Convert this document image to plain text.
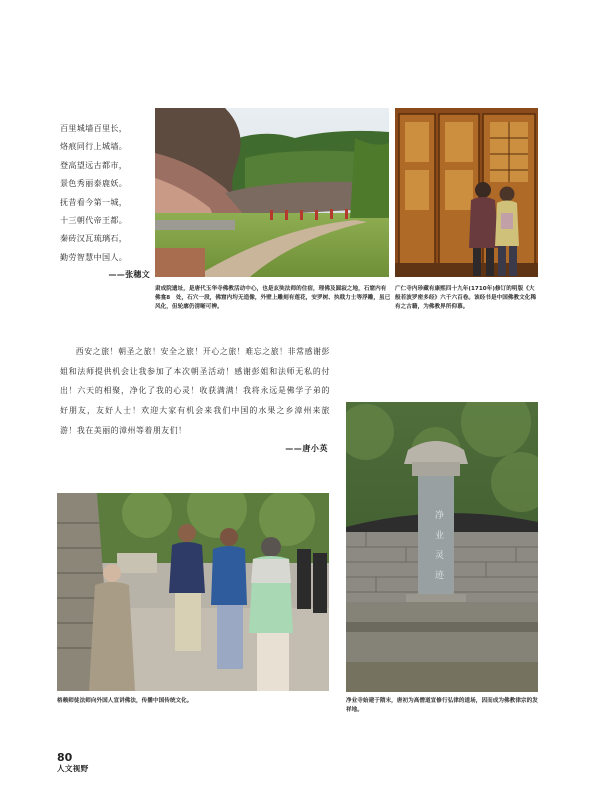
百里城墙百里长，
烙痕同行上城墙。
登高望远古都市，
景色秀丽泰鹿妖。
抚昔看今第一城，
十三朝代帝王都。
秦砖汉瓦琉璃石，
勤劳智慧中国人。
——张穗文
肃成院遗址，是唐代玉华寺佛教活动中心，也是玄奘法师的住宿，理佛及圆寂之地，石窟内有佛龛8　处，石穴一段，佛窟内均无造像，外壁上雕刻有莲花，安罗树、执戟力士等浮雕，虽已风化，但轮廓仍清晰可辨。
广仁寺内珍藏有康熙四十九年(1710年)修订的明版《大般若波罗密多经》六千六百卷。该经书是中国佛教文化稀有之古籍，为佛教界所仰慕。

西安之旅！朝圣之旅！安全之旅！开心之旅！难忘之旅！非常感谢彭姐和法师提供机会让我参加了本次朝圣活动！感谢彭姐和法师无私的付出！六天的相聚，净化了我的心灵！收获满满！我将永远是佛学子弟的好朋友，友好人士！欢迎大家有机会来我们中国的水果之乡漳州来旅游！我在美丽的漳州等着朋友们！

——唐小英
净　业　灵　迹
格赖师徒法师向外国人宣讲佛法，传播中国传统文化。	净业寺始建于隋末，唐初为高僧道宣修行弘律的道场，因而成为佛教律宗的发祥地。
80
人文视野
